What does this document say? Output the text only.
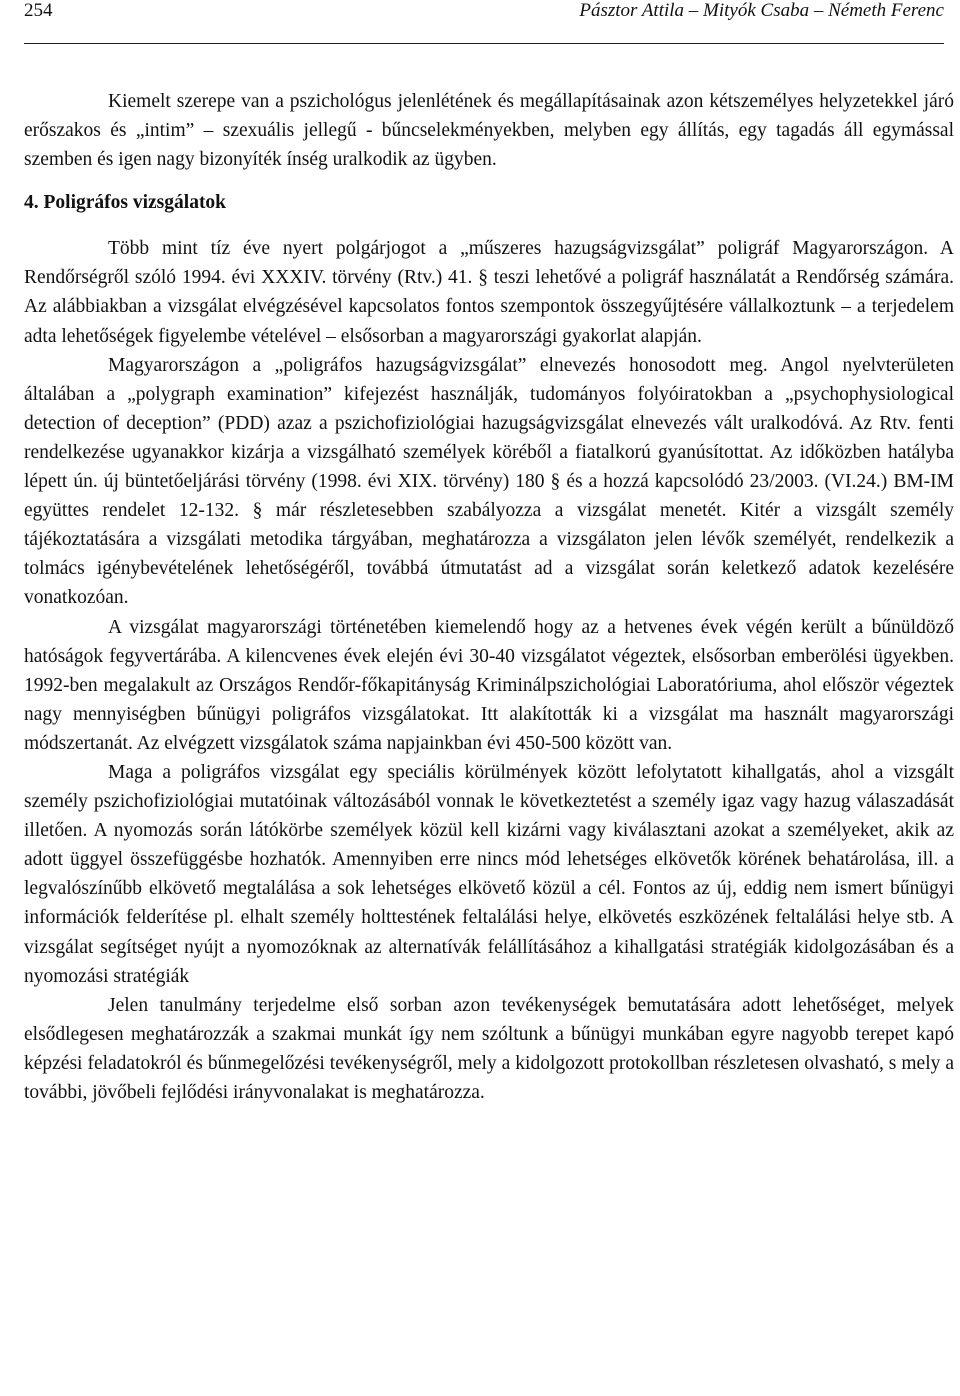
254	Pásztor Attila – Mityók Csaba – Németh Ferenc

Kiemelt szerepe van a pszichológus jelenlétének és megállapításainak azon kétszemélyes helyzetekkel járó erőszakos és „intim” – szexuális jellegű - bűncselekményekben, melyben egy állítás, egy tagadás áll egymással szemben és igen nagy bizonyíték ínség uralkodik az ügyben.

4. Poligráfos vizsgálatok

Több mint tíz éve nyert polgárjogot a „műszeres hazugságvizsgálat” poligráf Magyarországon. A Rendőrségről szóló 1994. évi XXXIV. törvény (Rtv.) 41. § teszi lehetővé a poligráf használatát a Rendőrség számára. Az alábbiakban a vizsgálat elvégzésével kapcsolatos fontos szempontok összegyűjtésére vállalkoztunk – a terjedelem adta lehetőségek figyelembe vételével – elsősorban a magyarországi gyakorlat alapján.

Magyarországon a „poligráfos hazugságvizsgálat” elnevezés honosodott meg. Angol nyelvterületen általában a „polygraph examination” kifejezést használják, tudományos folyóiratokban a „psychophysiological detection of deception” (PDD) azaz a pszichofiziológiai hazugságvizsgálat elnevezés vált uralkodóvá. Az Rtv. fenti rendelkezése ugyanakkor kizárja a vizsgálható személyek köréből a fiatalkorú gyanúsítottat. Az időközben hatályba lépett ún. új büntetőeljárási törvény (1998. évi XIX. törvény) 180 § és a hozzá kapcsolódó 23/2003. (VI.24.) BM-IM együttes rendelet 12-132. § már részletesebben szabályozza a vizsgálat menetét. Kitér a vizsgált személy tájékoztatására a vizsgálati metodika tárgyában, meghatározza a vizsgálaton jelen lévők személyét, rendelkezik a tolmács igénybevételének lehetőségéről, továbbá útmutatást ad a vizsgálat során keletkező adatok kezelésére vonatkozóan.

A vizsgálat magyarországi történetében kiemelendő hogy az a hetvenes évek végén került a bűnüldöző hatóságok fegyvertárába. A kilencvenes évek elején évi 30-40 vizsgálatot végeztek, elsősorban emberölési ügyekben. 1992-ben megalakult az Országos Rendőr-főkapitányság Kriminálpszichológiai Laboratóriuma, ahol először végeztek nagy mennyiségben bűnügyi poligráfos vizsgálatokat. Itt alakították ki a vizsgálat ma használt magyarországi módszertanát. Az elvégzett vizsgálatok száma napjainkban évi 450-500 között van.

Maga a poligráfos vizsgálat egy speciális körülmények között lefolytatott kihallgatás, ahol a vizsgált személy pszichofiziológiai mutatóinak változásából vonnak le következtetést a személy igaz vagy hazug válaszadását illetően. A nyomozás során látókörbe személyek közül kell kizárni vagy kiválasztani azokat a személyeket, akik az adott üggyel összefüggésbe hozhatók. Amennyiben erre nincs mód lehetséges elkövetők körének behatárolása, ill. a legvalószínűbb elkövető megtalálása a sok lehetséges elkövető közül a cél. Fontos az új, eddig nem ismert bűnügyi információk felderítése pl. elhalt személy holttestének feltalálási helye, elkövetés eszközének feltalálási helye stb. A vizsgálat segítséget nyújt a nyomozóknak az alternatívák felállításához a kihallgatási stratégiák kidolgozásában és a nyomozási stratégiák

Jelen tanulmány terjedelme első sorban azon tevékenységek bemutatására adott lehetőséget, melyek elsődlegesen meghatározzák a szakmai munkát így nem szóltunk a bűnügyi munkában egyre nagyobb terepet kapó képzési feladatokról és bűnmegelőzési tevékenységről, mely a kidolgozott protokollban részletesen olvasható, s mely a további, jövőbeli fejlődési irányvonalakat is meghatározza.
